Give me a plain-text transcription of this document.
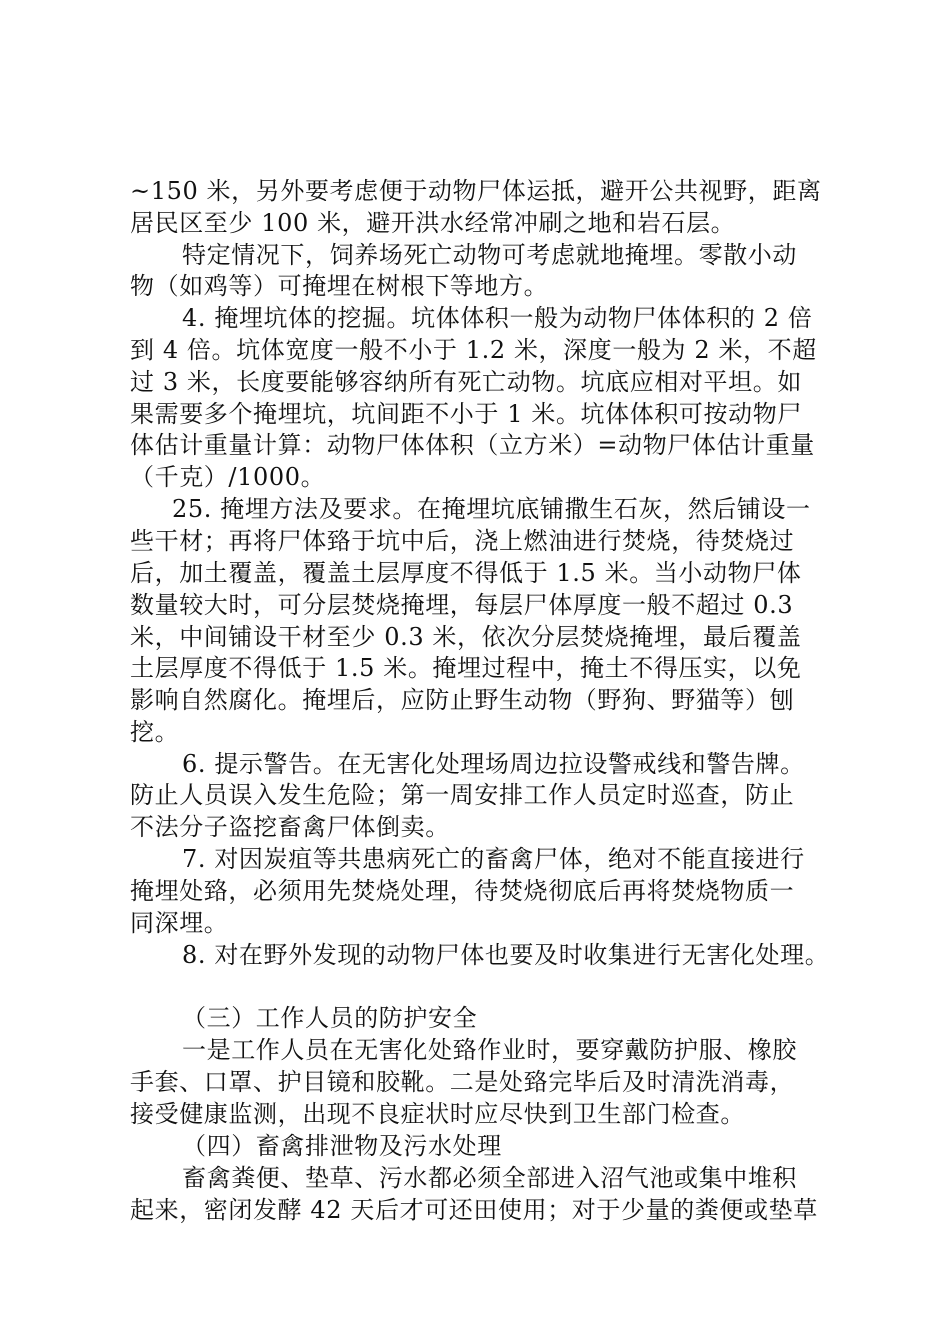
~150 米，另外要考虑便于动物尸体运抵，避开公共视野，距离
居民区至少 100 米，避开洪水经常冲刷之地和岩石层。
特定情况下，饲养场死亡动物可考虑就地掩埋。零散小动
物（如鸡等）可掩埋在树根下等地方。
4. 掩埋坑体的挖掘。坑体体积一般为动物尸体体积的 2 倍
到 4 倍。坑体宽度一般不小于 1.2 米，深度一般为 2 米，不超
过 3 米，长度要能够容纳所有死亡动物。坑底应相对平坦。如
果需要多个掩埋坑，坑间距不小于 1 米。坑体体积可按动物尸
体估计重量计算：动物尸体体积（立方米）=动物尸体估计重量
（千克）/1000。
25. 掩埋方法及要求。在掩埋坑底铺撒生石灰，然后铺设一
些干材；再将尸体臵于坑中后，浇上燃油进行焚烧，待焚烧过
后，加土覆盖，覆盖土层厚度不得低于 1.5 米。当小动物尸体
数量较大时，可分层焚烧掩埋，每层尸体厚度一般不超过 0.3
米，中间铺设干材至少 0.3 米，依次分层焚烧掩埋，最后覆盖
土层厚度不得低于 1.5 米。掩埋过程中，掩土不得压实，以免
影响自然腐化。掩埋后，应防止野生动物（野狗、野猫等）刨
挖。
6. 提示警告。在无害化处理场周边拉设警戒线和警告牌。
防止人员误入发生危险；第一周安排工作人员定时巡查，防止
不法分子盗挖畜禽尸体倒卖。
7. 对因炭疽等共患病死亡的畜禽尸体，绝对不能直接进行
掩埋处臵，必须用先焚烧处理，待焚烧彻底后再将焚烧物质一
同深埋。
8. 对在野外发现的动物尸体也要及时收集进行无害化处理。
（三）工作人员的防护安全
一是工作人员在无害化处臵作业时，要穿戴防护服、橡胶
手套、口罩、护目镜和胶靴。二是处臵完毕后及时清洗消毒，
接受健康监测，出现不良症状时应尽快到卫生部门检查。
（四）畜禽排泄物及污水处理
畜禽粪便、垫草、污水都必须全部进入沼气池或集中堆积
起来，密闭发酵 42 天后才可还田使用；对于少量的粪便或垫草
